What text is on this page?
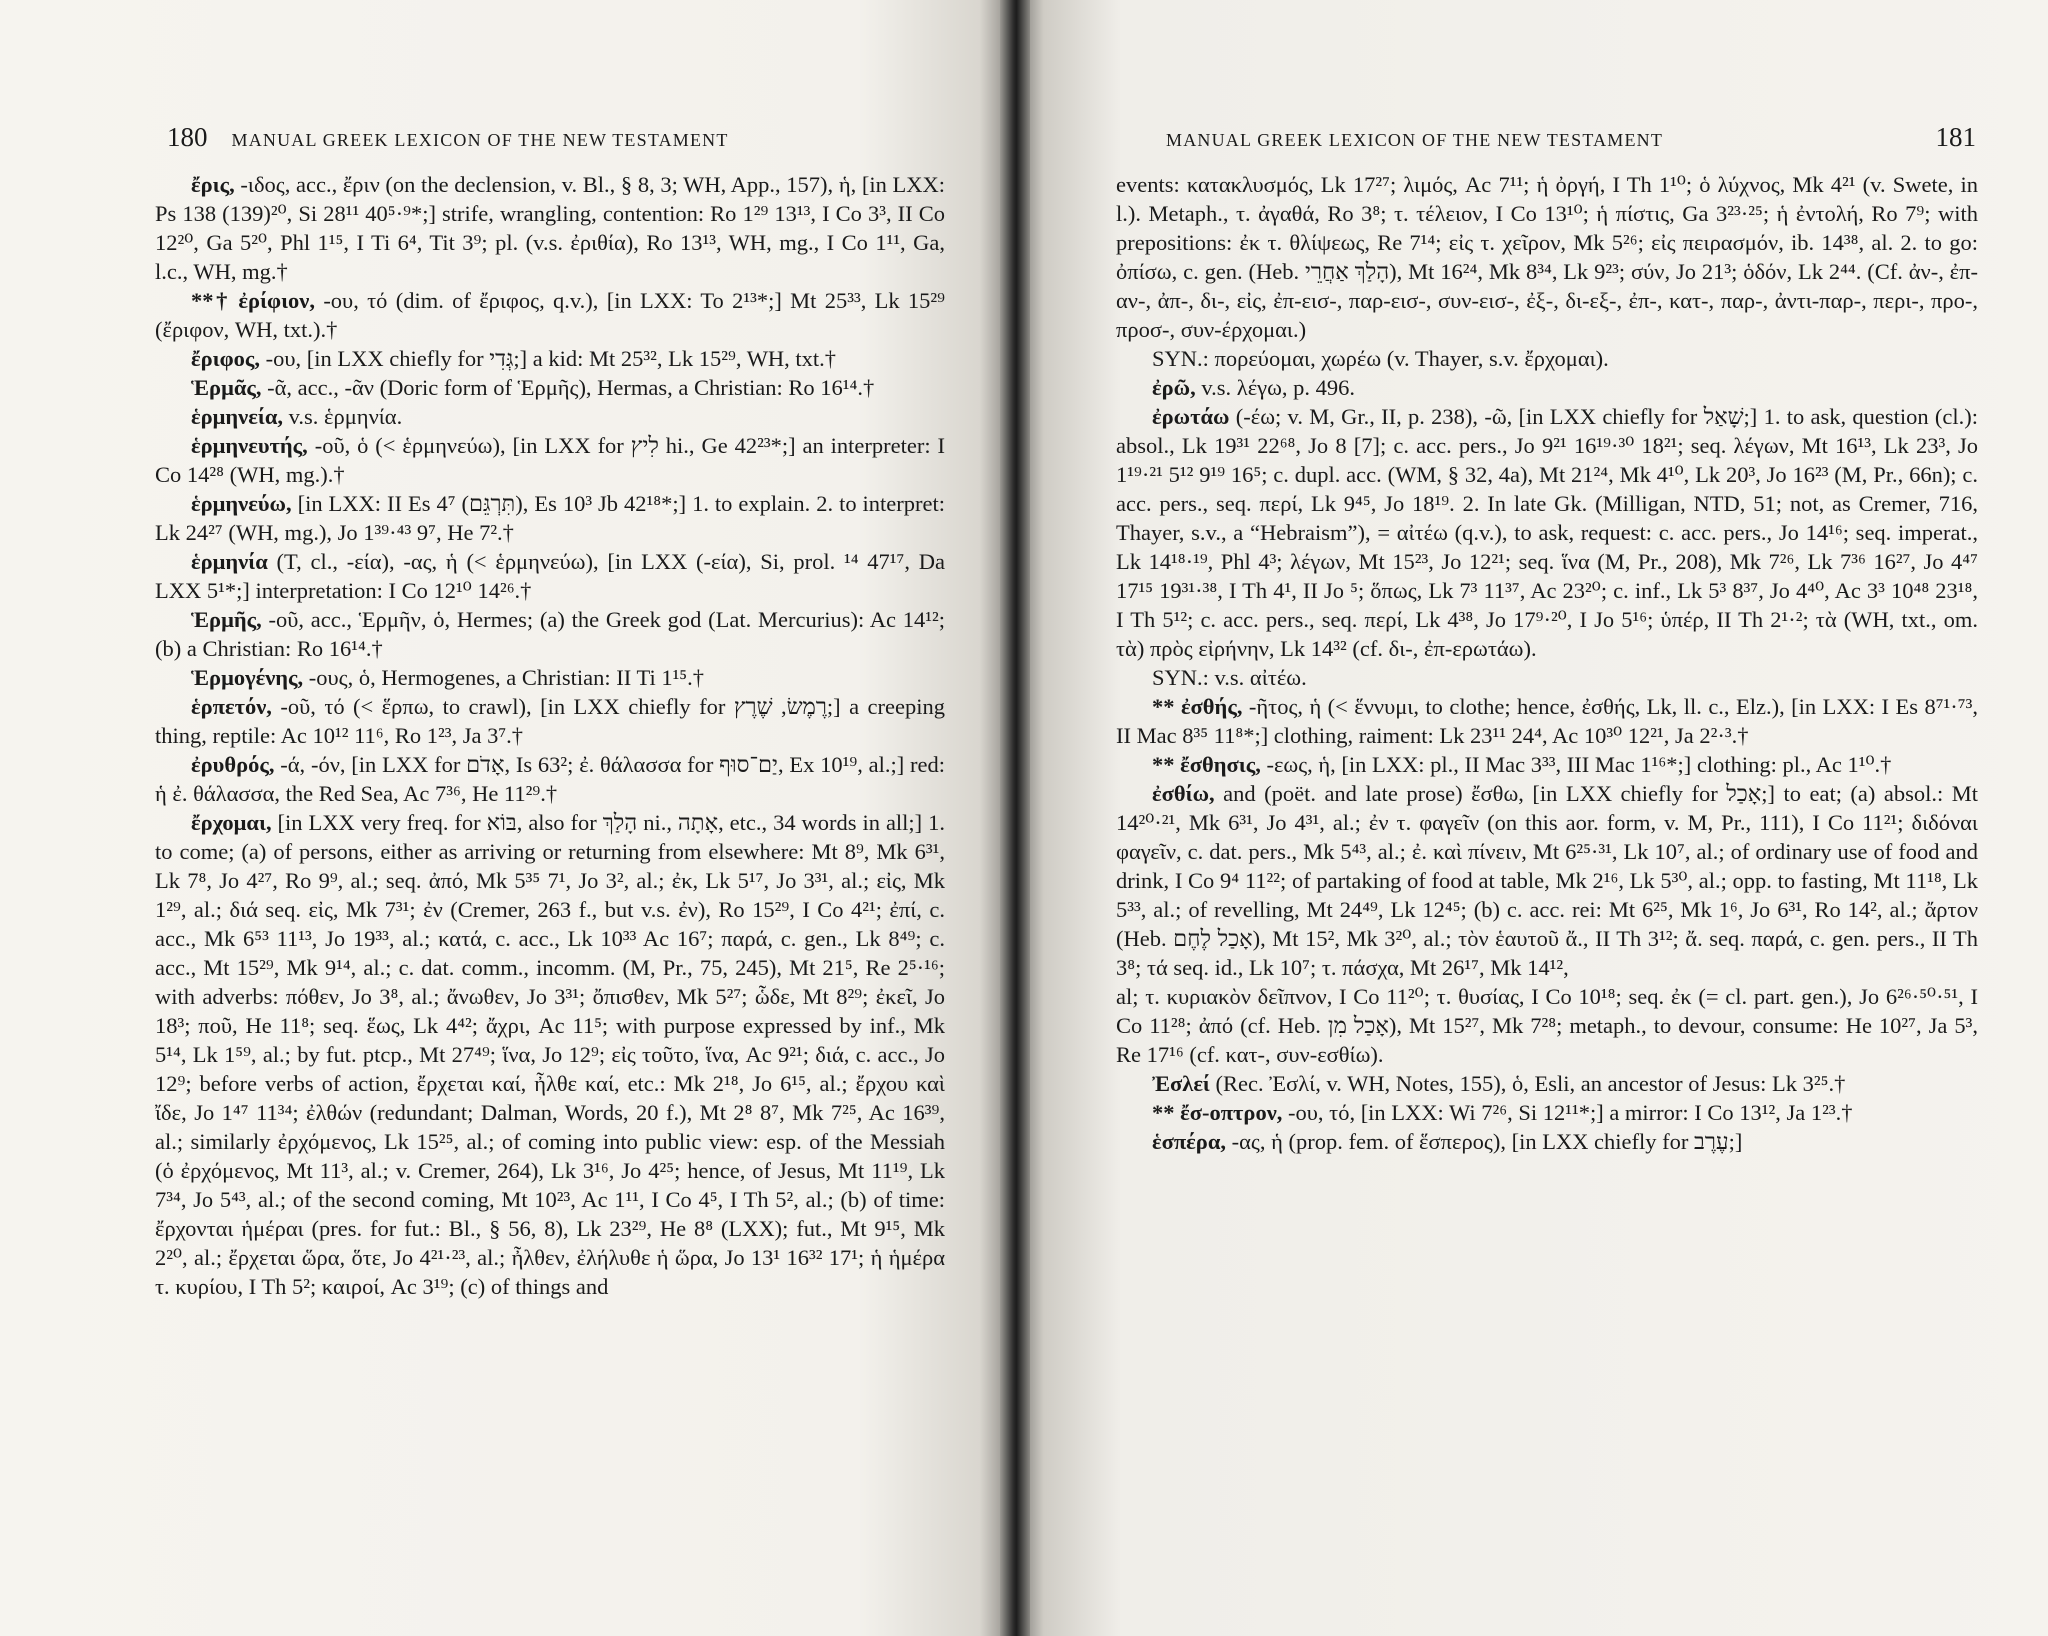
180 MANUAL GREEK LEXICON OF THE NEW TESTAMENT

ἔρις, -ιδος, acc., ἔριν (on the declension, v. Bl., § 8, 3; WH, App., 157), ἡ, [in LXX: Ps 138 (139)²⁰, Si 28¹¹ 40⁵·⁹*;] strife, wrangling, contention: Ro 1²⁹ 13¹³, I Co 3³, II Co 12²⁰, Ga 5²⁰, Phl 1¹⁵, I Ti 6⁴, Tit 3⁹; pl. (v.s. ἐριθία), Ro 13¹³, WH, mg., I Co 1¹¹, Ga, l.c., WH, mg.†

**† ἐρίφιον, -ου, τό (dim. of ἔριφος, q.v.), [in LXX: To 2¹³*;] Mt 25³³, Lk 15²⁹ (ἔριφον, WH, txt.).†

ἔριφος, -ου, [in LXX chiefly for גְּדִי;] a kid: Mt 25³², Lk 15²⁹, WH, txt.†

Ἑρμᾶς, -ᾶ, acc., -ᾶν (Doric form of Ἑρμῆς), Hermas, a Christian: Ro 16¹⁴.†

ἑρμηνεία, v.s. ἑρμηνία.

ἑρμηνευτής, -οῦ, ὁ (< ἑρμηνεύω), [in LXX for לִיץ hi., Ge 42²³*;] an interpreter: I Co 14²⁸ (WH, mg.).†

ἑρμηνεύω, [in LXX: II Es 4⁷ (תִּרְגֵּם), Es 10³ Jb 42¹⁸*;] 1. to explain. 2. to interpret: Lk 24²⁷ (WH, mg.), Jo 1³⁹·⁴³ 9⁷, He 7².†

ἑρμηνία (T, cl., -εία), -ας, ἡ (< ἑρμηνεύω), [in LXX (-εία), Si, prol. ¹⁴ 47¹⁷, Da LXX 5¹*;] interpretation: I Co 12¹⁰ 14²⁶.†

Ἑρμῆς, -οῦ, acc., Ἑρμῆν, ὁ, Hermes; (a) the Greek god (Lat. Mercurius): Ac 14¹²; (b) a Christian: Ro 16¹⁴.†

Ἑρμογένης, -ους, ὁ, Hermogenes, a Christian: II Ti 1¹⁵.†

ἑρπετόν, -οῦ, τό (< ἕρπω, to crawl), [in LXX chiefly for רֶמֶשׂ, שֶׁרֶץ;] a creeping thing, reptile: Ac 10¹² 11⁶, Ro 1²³, Ja 3⁷.†

ἐρυθρός, -ά, -όν, [in LXX for אָדֹם, Is 63²; ἐ. θάλασσα for יַם־סוּף, Ex 10¹⁹, al.;] red: ἡ ἐ. θάλασσα, the Red Sea, Ac 7³⁶, He 11²⁹.†

ἔρχομαι, [in LXX very freq. for בּוֹא, also for הָלַךְ ni., אָתָה, etc., 34 words in all;] 1. to come; (a) of persons, either as arriving or returning from elsewhere: Mt 8⁹, Mk 6³¹, Lk 7⁸, Jo 4²⁷, Ro 9⁹, al.; seq. ἀπό, Mk 5³⁵ 7¹, Jo 3², al.; ἐκ, Lk 5¹⁷, Jo 3³¹, al.; εἰς, Mk 1²⁹, al.; διά seq. εἰς, Mk 7³¹; ἐν (Cremer, 263 f., but v.s. ἐν), Ro 15²⁹, I Co 4²¹; ἐπί, c. acc., Mk 6⁵³ 11¹³, Jo 19³³, al.; κατά, c. acc., Lk 10³³ Ac 16⁷; παρά, c. gen., Lk 8⁴⁹; c. acc., Mt 15²⁹, Mk 9¹⁴, al.; c. dat. comm., incomm. (M, Pr., 75, 245), Mt 21⁵, Re 2⁵·¹⁶; with adverbs: πόθεν, Jo 3⁸, al.; ἄνωθεν, Jo 3³¹; ὄπισθεν, Mk 5²⁷; ὧδε, Mt 8²⁹; ἐκεῖ, Jo 18³; ποῦ, He 11⁸; seq. ἕως, Lk 4⁴²; ἄχρι, Ac 11⁵; with purpose expressed by inf., Mk 5¹⁴, Lk 1⁵⁹, al.; by fut. ptcp., Mt 27⁴⁹; ἵνα, Jo 12⁹; εἰς τοῦτο, ἵνα, Ac 9²¹; διά, c. acc., Jo 12⁹; before verbs of action, ἔρχεται καί, ἦλθε καί, etc.: Mk 2¹⁸, Jo 6¹⁵, al.; ἔρχου καὶ ἴδε, Jo 1⁴⁷ 11³⁴; ἐλθών (redundant; Dalman, Words, 20 f.), Mt 2⁸ 8⁷, Mk 7²⁵, Ac 16³⁹, al.; similarly ἐρχόμενος, Lk 15²⁵, al.; of coming into public view: esp. of the Messiah (ὁ ἐρχόμενος, Mt 11³, al.; v. Cremer, 264), Lk 3¹⁶, Jo 4²⁵; hence, of Jesus, Mt 11¹⁹, Lk 7³⁴, Jo 5⁴³, al.; of the second coming, Mt 10²³, Ac 1¹¹, I Co 4⁵, I Th 5², al.; (b) of time: ἔρχονται ἡμέραι (pres. for fut.: Bl., § 56, 8), Lk 23²⁹, He 8⁸ (LXX); fut., Mt 9¹⁵, Mk 2²⁰, al.; ἔρχεται ὥρα, ὅτε, Jo 4²¹·²³, al.; ἦλθεν, ἐλήλυθε ἡ ὥρα, Jo 13¹ 16³² 17¹; ἡ ἡμέρα τ. κυρίου, I Th 5²; καιροί, Ac 3¹⁹; (c) of things and

MANUAL GREEK LEXICON OF THE NEW TESTAMENT	181

events: κατακλυσμός, Lk 17²⁷; λιμός, Ac 7¹¹; ἡ ὀργή, I Th 1¹⁰; ὁ λύχνος, Mk 4²¹ (v. Swete, in l.). Metaph., τ. ἀγαθά, Ro 3⁸; τ. τέλειον, I Co 13¹⁰; ἡ πίστις, Ga 3²³·²⁵; ἡ ἐντολή, Ro 7⁹; with prepositions: ἐκ τ. θλίψεως, Re 7¹⁴; εἰς τ. χεῖρον, Mk 5²⁶; εἰς πειρασμόν, ib. 14³⁸, al. 2. to go: ὀπίσω, c. gen. (Heb. הָלַךְ אַחֲרֵי), Mt 16²⁴, Mk 8³⁴, Lk 9²³; σύν, Jo 21³; ὁδόν, Lk 2⁴⁴. (Cf. ἀν-, ἐπ-αν-, ἀπ-, δι-, εἰς, ἐπ-εισ-, παρ-εισ-, συν-εισ-, ἐξ-, δι-εξ-, ἐπ-, κατ-, παρ-, ἀντι-παρ-, περι-, προ-, προσ-, συν-έρχομαι.)

SYN.: πορεύομαι, χωρέω (v. Thayer, s.v. ἔρχομαι).

ἐρῶ, v.s. λέγω, p. 496.

ἐρωτάω (-έω; v. M, Gr., II, p. 238), -ῶ, [in LXX chiefly for שָׁאַל;] 1. to ask, question (cl.): absol., Lk 19³¹ 22⁶⁸, Jo 8 [7]; c. acc. pers., Jo 9²¹ 16¹⁹·³⁰ 18²¹; seq. λέγων, Mt 16¹³, Lk 23³, Jo 1¹⁹·²¹ 5¹² 9¹⁹ 16⁵; c. dupl. acc. (WM, § 32, 4a), Mt 21²⁴, Mk 4¹⁰, Lk 20³, Jo 16²³ (M, Pr., 66n); c. acc. pers., seq. περί, Lk 9⁴⁵, Jo 18¹⁹. 2. In late Gk. (Milligan, NTD, 51; not, as Cremer, 716, Thayer, s.v., a “Hebraism”), = αἰτέω (q.v.), to ask, request: c. acc. pers., Jo 14¹⁶; seq. imperat., Lk 14¹⁸·¹⁹, Phl 4³; λέγων, Mt 15²³, Jo 12²¹; seq. ἵνα (M, Pr., 208), Mk 7²⁶, Lk 7³⁶ 16²⁷, Jo 4⁴⁷ 17¹⁵ 19³¹·³⁸, I Th 4¹, II Jo ⁵; ὅπως, Lk 7³ 11³⁷, Ac 23²⁰; c. inf., Lk 5³ 8³⁷, Jo 4⁴⁰, Ac 3³ 10⁴⁸ 23¹⁸, I Th 5¹²; c. acc. pers., seq. περί, Lk 4³⁸, Jo 17⁹·²⁰, I Jo 5¹⁶; ὑπέρ, II Th 2¹·²; τὰ (WH, txt., om. τὰ) πρὸς εἰρήνην, Lk 14³² (cf. δι-, ἐπ-ερωτάω).

SYN.: v.s. αἰτέω.

** ἐσθής, -ῆτος, ἡ (< ἕννυμι, to clothe; hence, ἐσθής, Lk, ll. c., Elz.), [in LXX: I Es 8⁷¹·⁷³, II Mac 8³⁵ 11⁸*;] clothing, raiment: Lk 23¹¹ 24⁴, Ac 10³⁰ 12²¹, Ja 2²·³.†

** ἔσθησις, -εως, ἡ, [in LXX: pl., II Mac 3³³, III Mac 1¹⁶*;] clothing: pl., Ac 1¹⁰.†

ἐσθίω, and (poët. and late prose) ἔσθω, [in LXX chiefly for אָכַל;] to eat; (a) absol.: Mt 14²⁰·²¹, Mk 6³¹, Jo 4³¹, al.; ἐν τ. φαγεῖν (on this aor. form, v. M, Pr., 111), I Co 11²¹; διδόναι φαγεῖν, c. dat. pers., Mk 5⁴³, al.; ἐ. καὶ πίνειν, Mt 6²⁵·³¹, Lk 10⁷, al.; of ordinary use of food and drink, I Co 9⁴ 11²²; of partaking of food at table, Mk 2¹⁶, Lk 5³⁰, al.; opp. to fasting, Mt 11¹⁸, Lk 5³³, al.; of revelling, Mt 24⁴⁹, Lk 12⁴⁵; (b) c. acc. rei: Mt 6²⁵, Mk 1⁶, Jo 6³¹, Ro 14², al.; ἄρτον (Heb. אָכַל לֶחֶם), Mt 15², Mk 3²⁰, al.; τὸν ἑαυτοῦ ἄ., II Th 3¹²; ἄ. seq. παρά, c. gen. pers., II Th 3⁸; τά seq. id., Lk 10⁷; τ. πάσχα, Mt 26¹⁷, Mk 14¹²,

al; τ. κυριακὸν δεῖπνον, I Co 11²⁰; τ. θυσίας, I Co 10¹⁸; seq. ἐκ (= cl. part. gen.), Jo 6²⁶·⁵⁰·⁵¹, I Co 11²⁸; ἀπό (cf. Heb. אָכַל מִן), Mt 15²⁷, Mk 7²⁸; metaph., to devour, consume: He 10²⁷, Ja 5³, Re 17¹⁶ (cf. κατ-, συν-εσθίω).

Ἐσλεί (Rec. Ἐσλί, v. WH, Notes, 155), ὁ, Esli, an ancestor of Jesus: Lk 3²⁵.†

** ἔσ-οπτρον, -ου, τό, [in LXX: Wi 7²⁶, Si 12¹¹*;] a mirror: I Co 13¹², Ja 1²³.†

ἑσπέρα, -ας, ἡ (prop. fem. of ἕσπερος), [in LXX chiefly for עֶרֶב;]
